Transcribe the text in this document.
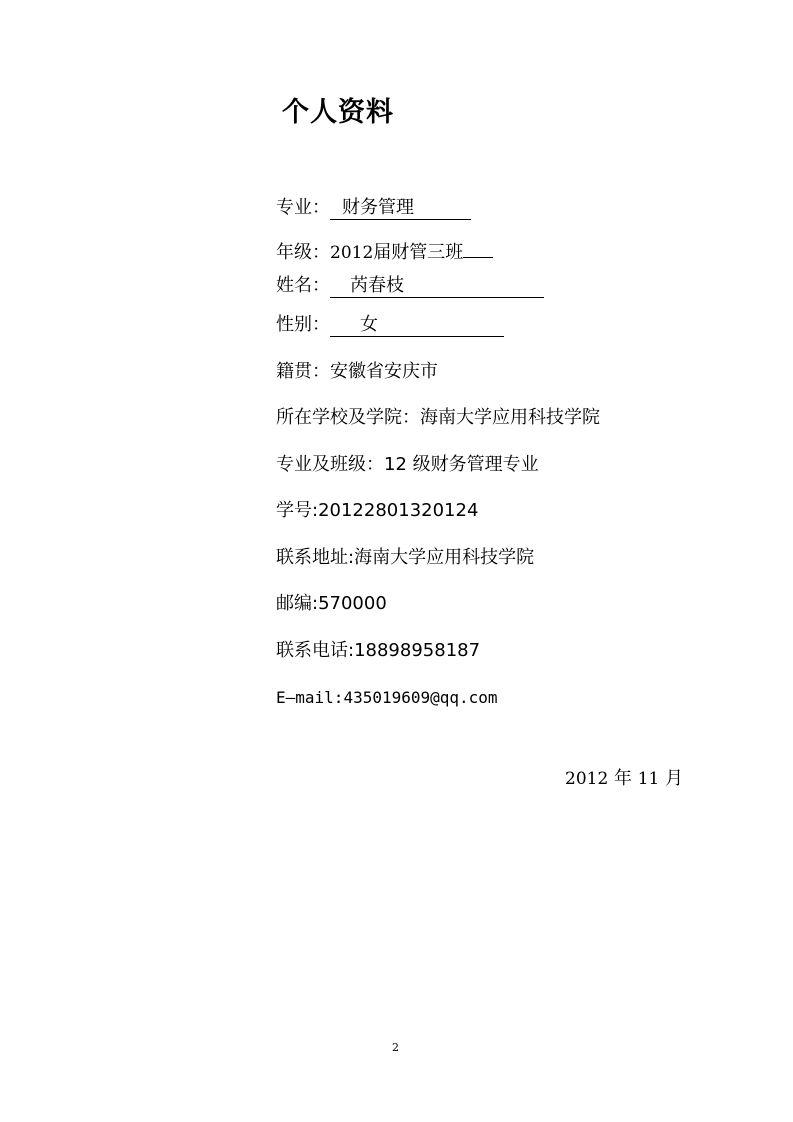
个人资料
专业： 财务管理
年级：2012届财管三班
姓名： 芮春枝
性别： 女
籍贯：安徽省安庆市
所在学校及学院：海南大学应用科技学院
专业及班级：12 级财务管理专业
学号:20122801320124
联系地址:海南大学应用科技学院
邮编:570000
联系电话:18898958187
E—mail:435019609@qq.com
2012 年 11 月
2
